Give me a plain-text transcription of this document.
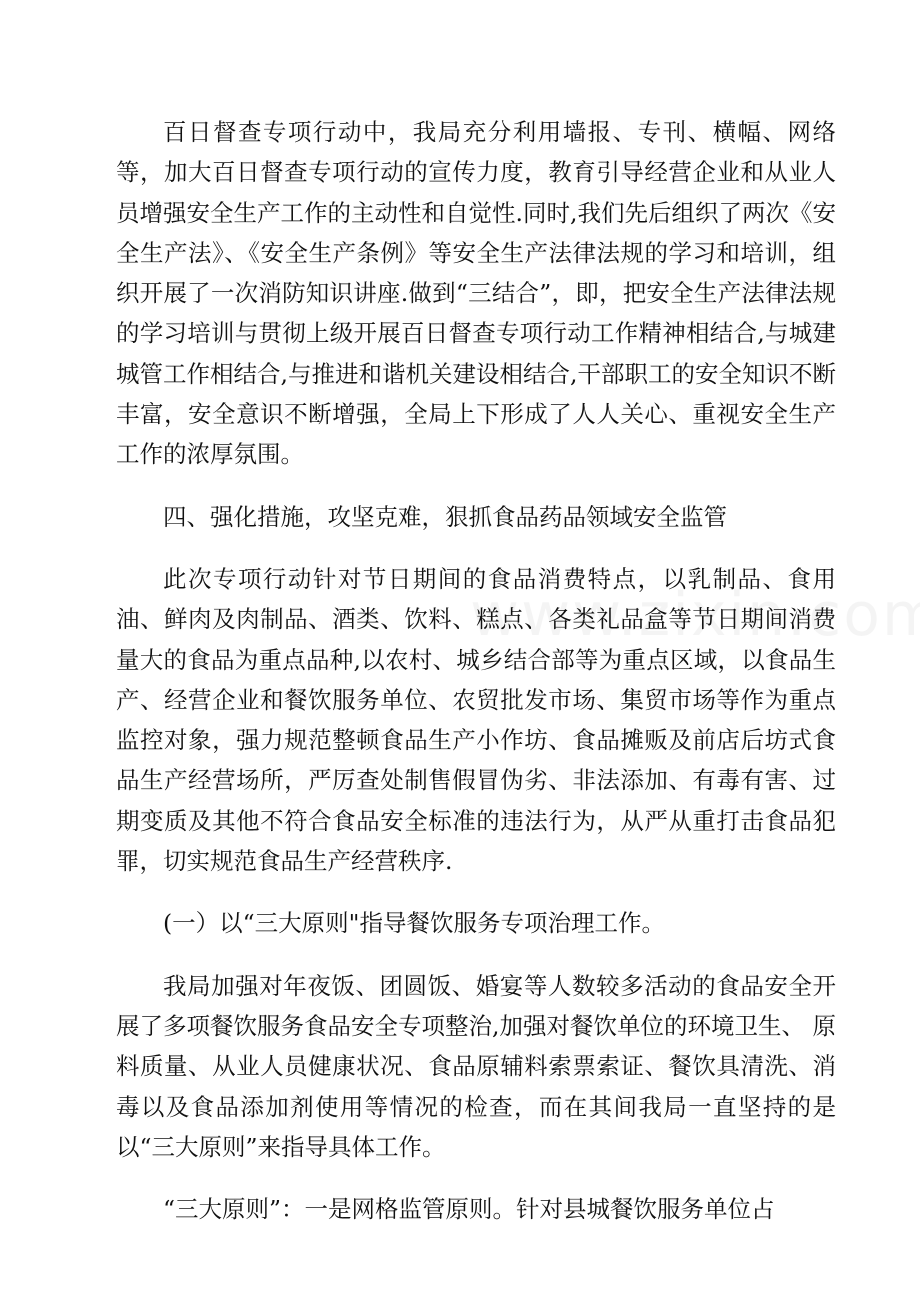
百日督查专项行动中，我局充分利用墙报、专刊、横幅、网络等，加大百日督查专项行动的宣传力度，教育引导经营企业和从业人员增强安全生产工作的主动性和自觉性.同时,我们先后组织了两次《安全生产法》、《安全生产条例》等安全生产法律法规的学习和培训，组织开展了一次消防知识讲座.做到“三结合”，即，把安全生产法律法规的学习培训与贯彻上级开展百日督查专项行动工作精神相结合,与城建城管工作相结合,与推进和谐机关建设相结合,干部职工的安全知识不断丰富，安全意识不断增强，全局上下形成了人人关心、重视安全生产工作的浓厚氛围。

四、强化措施，攻坚克难，狠抓食品药品领域安全监管

此次专项行动针对节日期间的食品消费特点，以乳制品、食用油、鲜肉及肉制品、酒类、饮料、糕点、各类礼品盒等节日期间消费量大的食品为重点品种,以农村、城乡结合部等为重点区域，以食品生产、经营企业和餐饮服务单位、农贸批发市场、集贸市场等作为重点监控对象，强力规范整顿食品生产小作坊、食品摊贩及前店后坊式食品生产经营场所，严厉查处制售假冒伪劣、非法添加、有毒有害、过期变质及其他不符合食品安全标准的违法行为，从严从重打击食品犯罪，切实规范食品生产经营秩序.

(一）以“三大原则"指导餐饮服务专项治理工作。

我局加强对年夜饭、团圆饭、婚宴等人数较多活动的食品安全开展了多项餐饮服务食品安全专项整治,加强对餐饮单位的环境卫生、 原料质量、从业人员健康状况、食品原辅料索票索证、餐饮具清洗、消毒以及食品添加剂使用等情况的检查，而在其间我局一直坚持的是以“三大原则”来指导具体工作。

“三大原则”：一是网格监管原则。针对县城餐饮服务单位占
